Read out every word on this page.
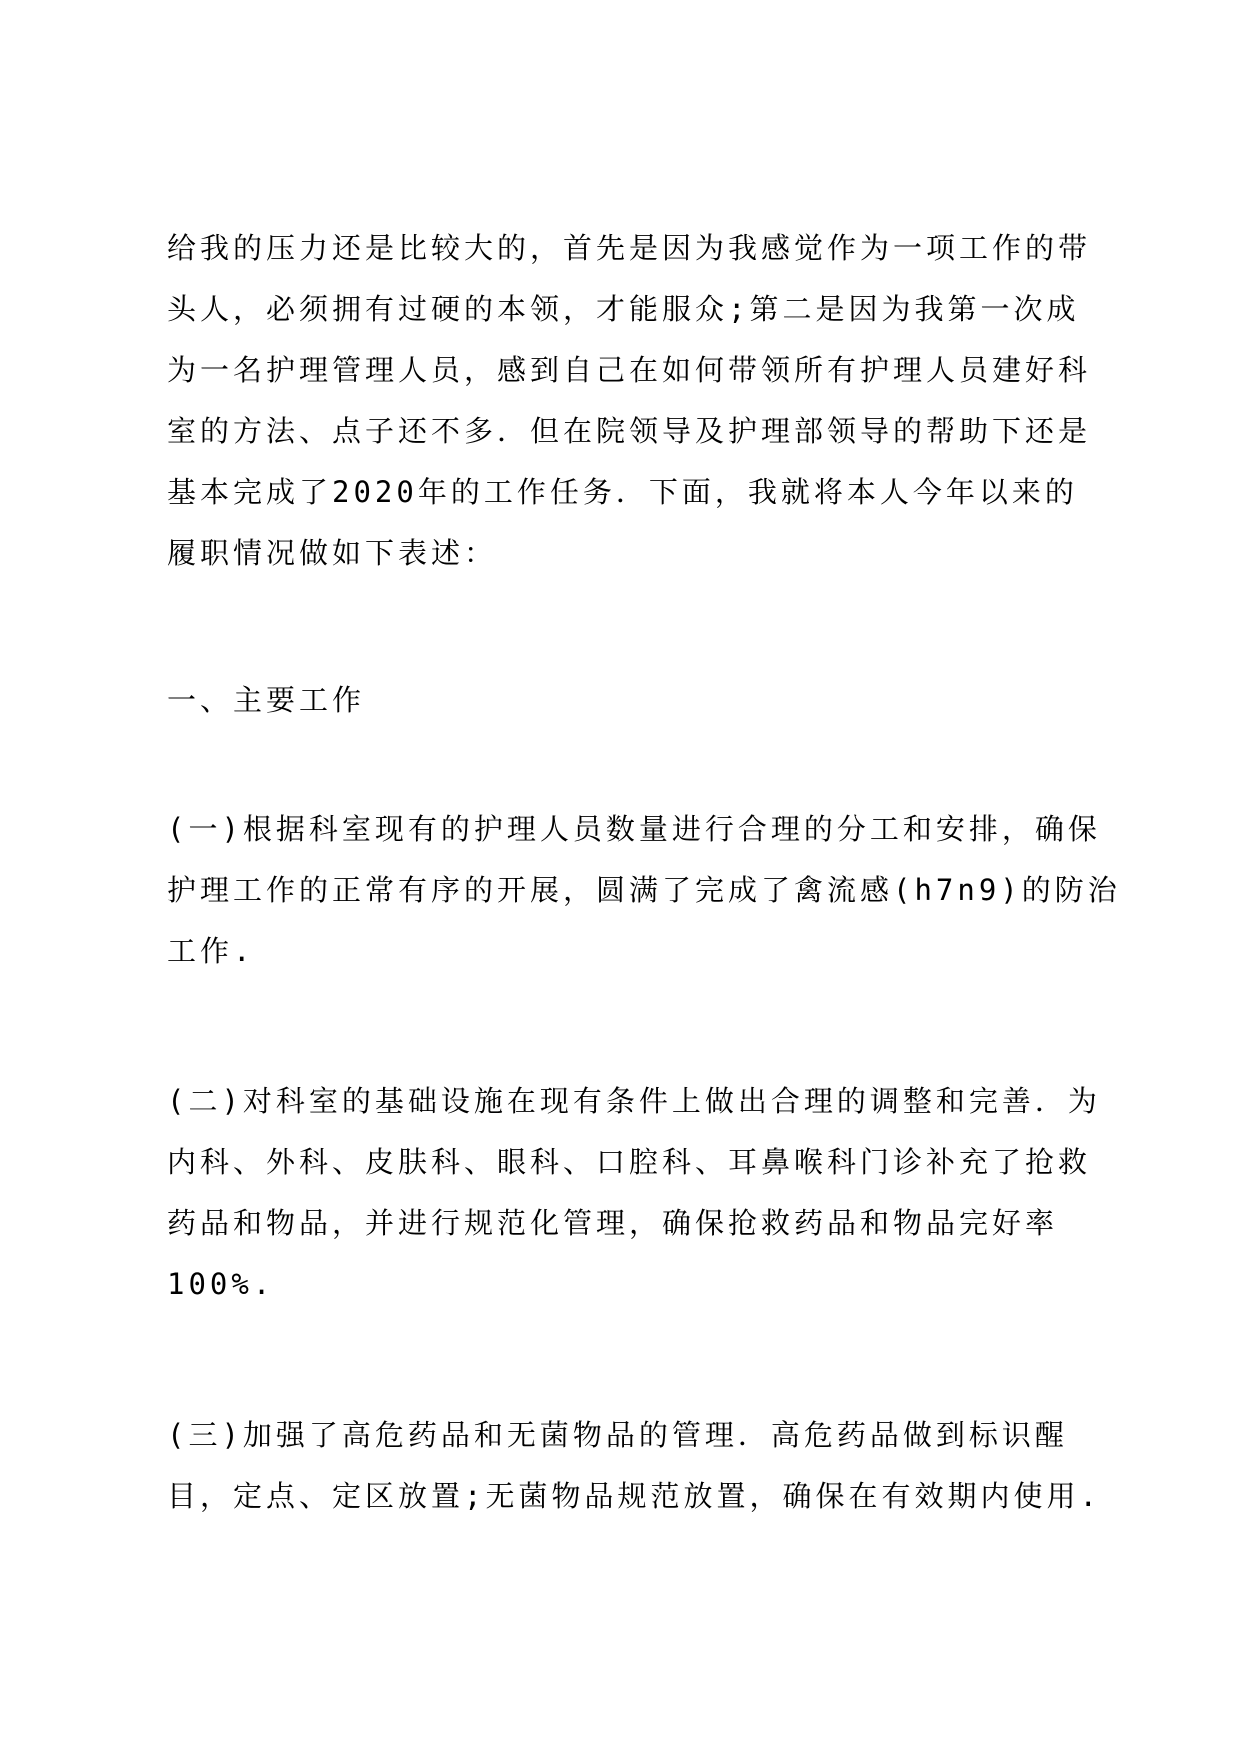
给我的压力还是比较大的，首先是因为我感觉作为一项工作的带

头人，必须拥有过硬的本领，才能服众;第二是因为我第一次成

为一名护理管理人员，感到自己在如何带领所有护理人员建好科

室的方法、点子还不多．但在院领导及护理部领导的帮助下还是

基本完成了2020年的工作任务．下面，我就将本人今年以来的

履职情况做如下表述：

一、主要工作

(一)根据科室现有的护理人员数量进行合理的分工和安排，确保

护理工作的正常有序的开展，圆满了完成了禽流感(h7n9)的防治

工作.

(二)对科室的基础设施在现有条件上做出合理的调整和完善．为

内科、外科、皮肤科、眼科、口腔科、耳鼻喉科门诊补充了抢救

药品和物品，并进行规范化管理，确保抢救药品和物品完好率

100%.

(三)加强了高危药品和无菌物品的管理．高危药品做到标识醒

目，定点、定区放置;无菌物品规范放置，确保在有效期内使用.
